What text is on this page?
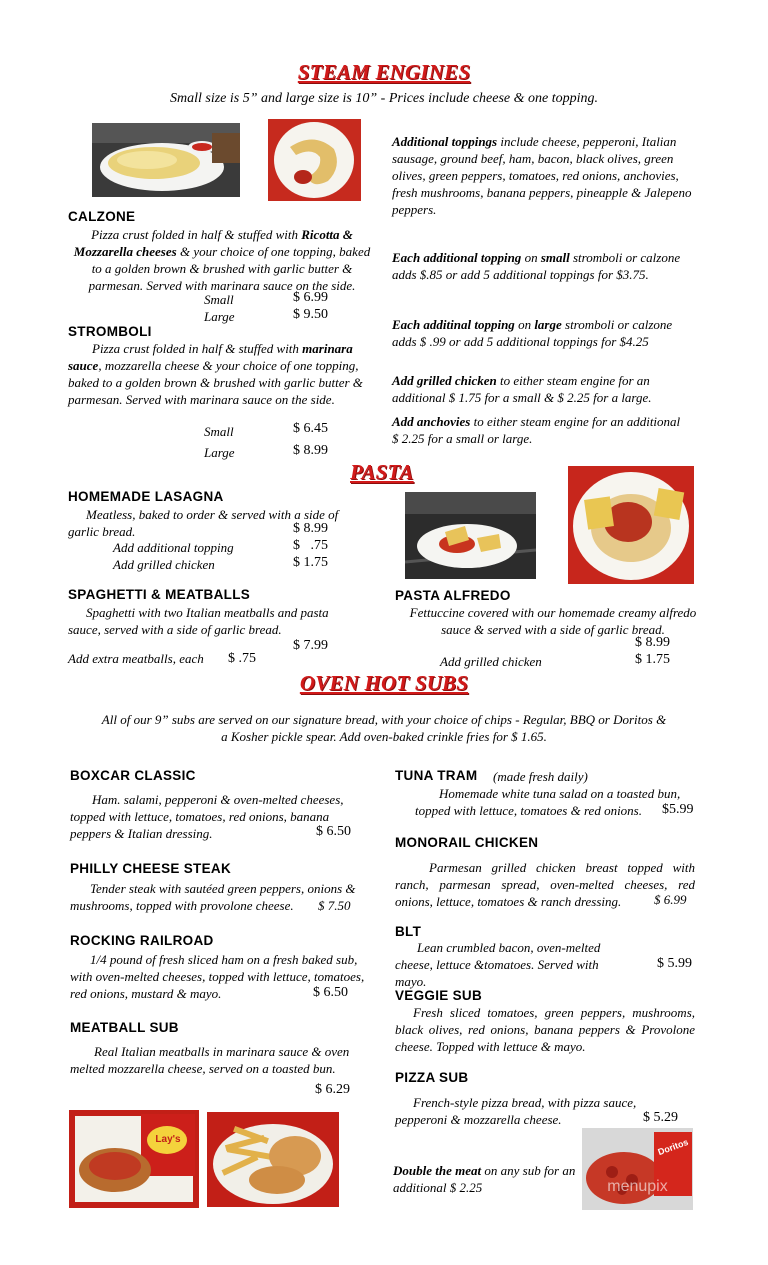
STEAM ENGINES
Small size is 5” and large size is 10” - Prices include cheese & one topping.
Additional toppings include cheese, pepperoni, Italian sausage, ground beef, ham, bacon, black olives, green olives, green peppers, tomatoes, red onions, anchovies, fresh mushrooms, banana peppers, pineapple & Jalepeno peppers.
Each additional topping on small stromboli or calzone adds $.85 or add 5 additional toppings for $3.75.
Each additinal topping on large stromboli or calzone adds $ .99 or add 5 additional toppings for $4.25
Add grilled chicken to either steam engine for an additional $ 1.75 for a small & $ 2.25 for a large.
Add anchovies to either steam engine for an additional $ 2.25 for a small or large.
CALZONE
Pizza crust folded in half & stuffed with Ricotta & Mozzarella cheeses & your choice of one topping, baked to a golden brown & brushed with garlic butter & parmesan. Served with marinara sauce on the side.
Small	$ 6.99
Large	$ 9.50
STROMBOLI
Pizza crust folded in half & stuffed with marinara sauce, mozzarella cheese & your choice of one topping, baked to a golden brown & brushed with garlic butter & parmesan. Served with marinara sauce on the side.
Small	$ 6.45
Large	$ 8.99
PASTA
HOMEMADE LASAGNA
Meatless, baked to order & served with a side of garlic bread.	$ 8.99
Add additional topping	$   .75
Add grilled chicken	$ 1.75
SPAGHETTI & MEATBALLS
Spaghetti with two Italian meatballs and pasta sauce, served with a side of garlic bread.
$ 7.99
Add extra meatballs, each $ .75
PASTA ALFREDO
Fettuccine covered with our homemade creamy alfredo sauce & served with a side of garlic bread.
$ 8.99
Add grilled chicken	$ 1.75
OVEN HOT SUBS
All of our 9” subs are served on our signature bread, with your choice of chips - Regular, BBQ or Doritos & a Kosher pickle spear. Add oven-baked crinkle fries for $ 1.65.
BOXCAR CLASSIC
Ham. salami, pepperoni & oven-melted cheeses, topped with lettuce, tomatoes, red onions, banana peppers & Italian dressing.	$ 6.50
PHILLY CHEESE STEAK
Tender steak with sautéed green peppers, onions & mushrooms, topped with provolone cheese.	$ 7.50
ROCKING RAILROAD
1/4 pound of fresh sliced ham on a fresh baked sub, with oven-melted cheeses, topped with lettuce, tomatoes, red onions, mustard & mayo.	$ 6.50
MEATBALL SUB
Real Italian meatballs in marinara sauce & oven melted mozzarella cheese, served on a toasted bun.
$ 6.29
TUNA TRAM (made fresh daily)
Homemade white tuna salad on a toasted bun, topped with lettuce, tomatoes & red onions.	$5.99
MONORAIL CHICKEN
Parmesan grilled chicken breast topped with ranch, parmesan spread, oven-melted cheeses, red onions, lettuce, tomatoes & ranch dressing.	$ 6.99
BLT
Lean crumbled bacon, oven-melted cheese, lettuce &tomatoes. Served with mayo.
$ 5.99
VEGGIE SUB
Fresh sliced tomatoes, green peppers, mushrooms, black olives, red onions, banana peppers & Provolone cheese. Topped with lettuce & mayo.
PIZZA SUB
French-style pizza bread, with pizza sauce, pepperoni & mozzarella cheese.	$ 5.29
Double the meat on any sub for an additional $ 2.25
Lay's	Doritos
menupix
